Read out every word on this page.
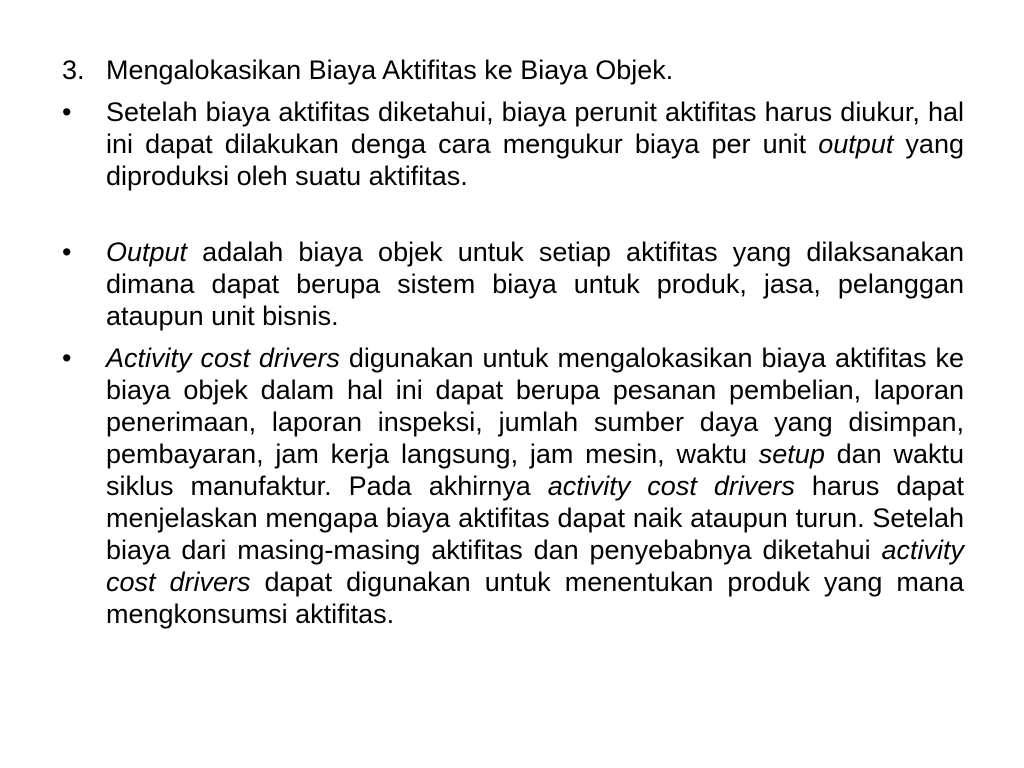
3. Mengalokasikan Biaya Aktifitas ke Biaya Objek.
•	Setelah biaya aktifitas diketahui, biaya perunit aktifitas harus diukur, hal ini dapat dilakukan denga cara mengukur biaya per unit output yang diproduksi oleh suatu aktifitas.
•	Output adalah biaya objek untuk setiap aktifitas yang dilaksanakan dimana dapat berupa sistem biaya untuk produk, jasa, pelanggan ataupun unit bisnis.
•	Activity cost drivers digunakan untuk mengalokasikan biaya aktifitas ke biaya objek dalam hal ini dapat berupa pesanan pembelian, laporan penerimaan, laporan inspeksi, jumlah sumber daya yang disimpan, pembayaran, jam kerja langsung, jam mesin, waktu setup dan waktu siklus manufaktur. Pada akhirnya activity cost drivers harus dapat menjelaskan mengapa biaya aktifitas dapat naik ataupun turun. Setelah biaya dari masing-masing aktifitas dan penyebabnya diketahui activity cost drivers dapat digunakan untuk menentukan produk yang mana mengkonsumsi aktifitas.
